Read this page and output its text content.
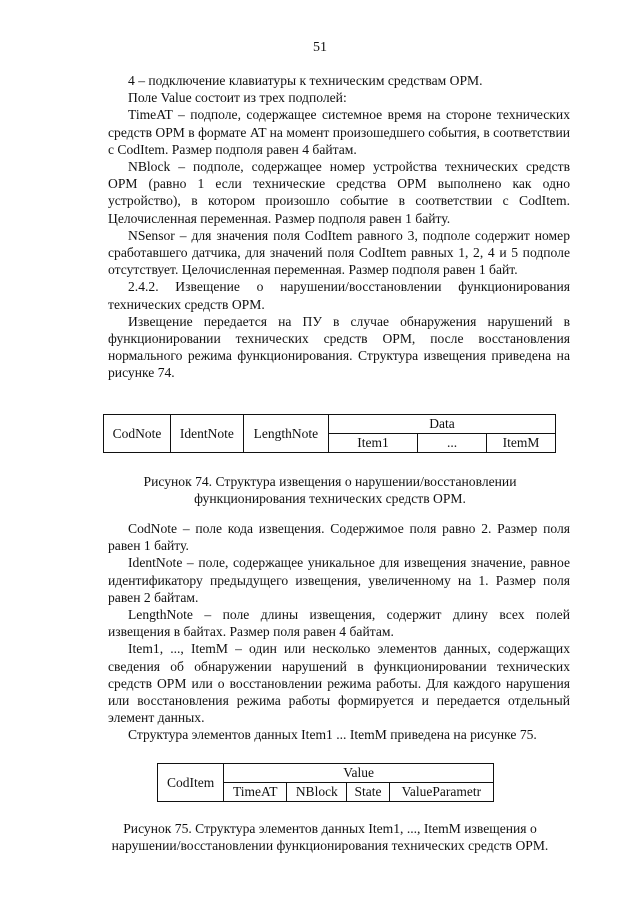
51

4 – подключение клавиатуры к техническим средствам ОРМ.

Поле Value состоит из трех подполей:

TimeAT – подполе, содержащее системное время на стороне технических средств ОРМ в формате AT на момент произошедшего события, в соответствии с CodItem. Размер подполя равен 4 байтам.

NBlock – подполе, содержащее номер устройства технических средств ОРМ (равно 1 если технические средства ОРМ выполнено как одно устройство), в котором произошло событие в соответствии с CodItem. Целочисленная переменная. Размер подполя равен 1 байту.

NSensor – для значения поля CodItem равного 3, подполе содержит номер сработавшего датчика, для значений поля CodItem равных 1, 2, 4 и 5 подполе отсутствует. Целочисленная переменная. Размер подполя равен 1 байт.

2.4.2. Извещение о нарушении/восстановлении функционирования технических средств ОРМ.

Извещение передается на ПУ в случае обнаружения нарушений в функционировании технических средств ОРМ, после восстановления нормального режима функционирования. Структура извещения приведена на рисунке 74.

CodNote	IdentNote	LengthNote	Data		
			Item1	...	ItemM
Рисунок 74. Структура извещения о нарушении/восстановлении функционирования технических средств ОРМ.

CodNote – поле кода извещения. Содержимое поля равно 2. Размер поля равен 1 байту.

IdentNote – поле, содержащее уникальное для извещения значение, равное идентификатору предыдущего извещения, увеличенному на 1. Размер поля равен 2 байтам.

LengthNote – поле длины извещения, содержит длину всех полей извещения в байтах. Размер поля равен 4 байтам.

Item1, ..., ItemM – один или несколько элементов данных, содержащих сведения об обнаружении нарушений в функционировании технических средств ОРМ или о восстановлении режима работы. Для каждого нарушения или восстановления режима работы формируется и передается отдельный элемент данных.

Структура элементов данных Item1 ... ItemM приведена на рисунке 75.

CodItem	Value			
	TimeAT	NBlock	State	ValueParametr
Рисунок 75. Структура элементов данных Item1, ..., ItemM извещения о нарушении/восстановлении функционирования технических средств ОРМ.
